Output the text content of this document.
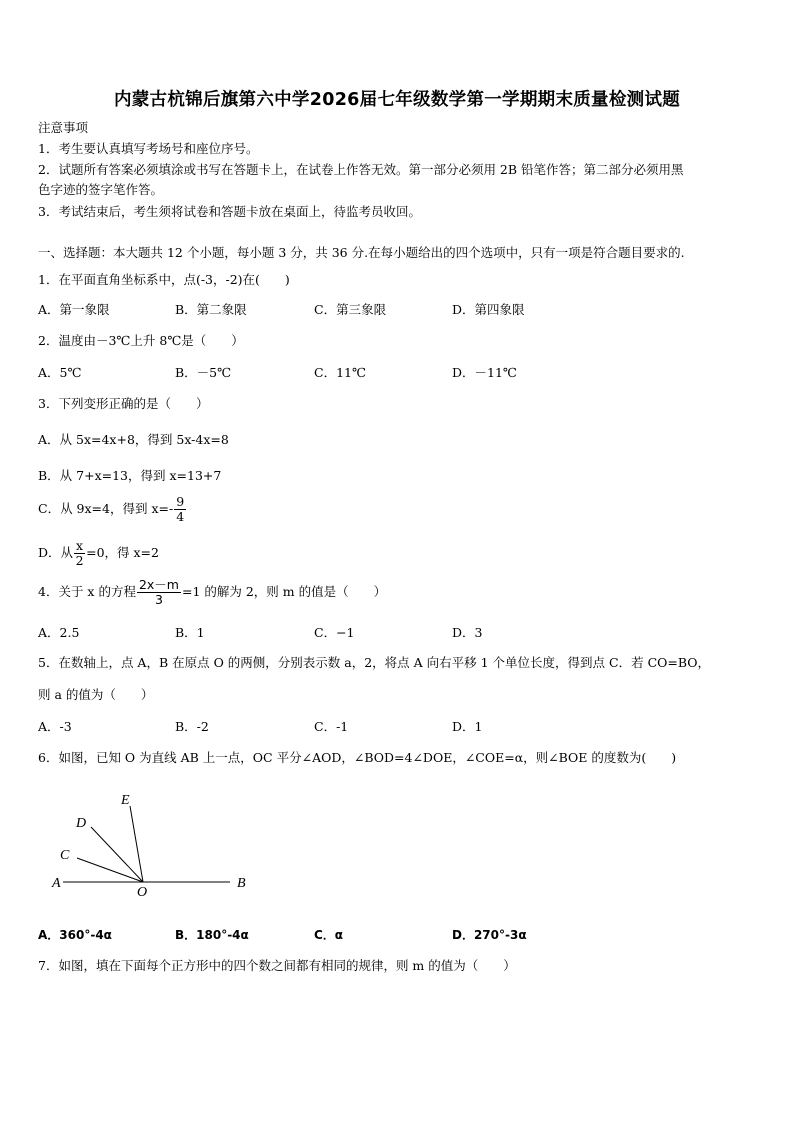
内蒙古杭锦后旗第六中学2026届七年级数学第一学期期末质量检测试题
注意事项
1．考生要认真填写考场号和座位序号。
2．试题所有答案必须填涂或书写在答题卡上，在试卷上作答无效。第一部分必须用 2B 铅笔作答；第二部分必须用黑
色字迹的签字笔作答。
3．考试结束后，考生须将试卷和答题卡放在桌面上，待监考员收回。
一、选择题：本大题共 12 个小题，每小题 3 分，共 36 分.在每小题给出的四个选项中，只有一项是符合题目要求的.
1．在平面直角坐标系中，点(-3，-2)在(　　)
A．第一象限	B．第二象限	C．第三象限	D．第四象限
2．温度由－3℃上升 8℃是（　　）
A．5℃	B．－5℃	C．11℃	D．－11℃
3．下列变形正确的是（　　）
A．从 5x=4x+8，得到 5x-4x=8
B．从 7+x=13，得到 x=13+7
C．从 9x=4，得到 $x=- \frac{9}{4}$
D．从 $\frac{x}{2} =0$，得 x=2
4．关于 x 的方程 $\frac{2x-m}{3} =1$ 的解为 2，则 m 的值是（　　）
A．2.5	B．1	C．−1	D．3
5．在数轴上，点 A，B 在原点 O 的两侧，分别表示数 a，2，将点 A 向右平移 1 个单位长度，得到点 C．若 CO=BO，
则 a 的值为（　　）
A．-3	B．-2	C．-1	D．1
6．如图，已知 O 为直线 AB 上一点，OC 平分∠AOD，∠BOD=4∠DOE，∠COE=α，则∠BOE 的度数为(　　)
E
D
C
A
O
B
A．360°-4α	B．180°-4α	C．α	D．270°-3α
7．如图，填在下面每个正方形中的四个数之间都有相同的规律，则 m 的值为（　　）
